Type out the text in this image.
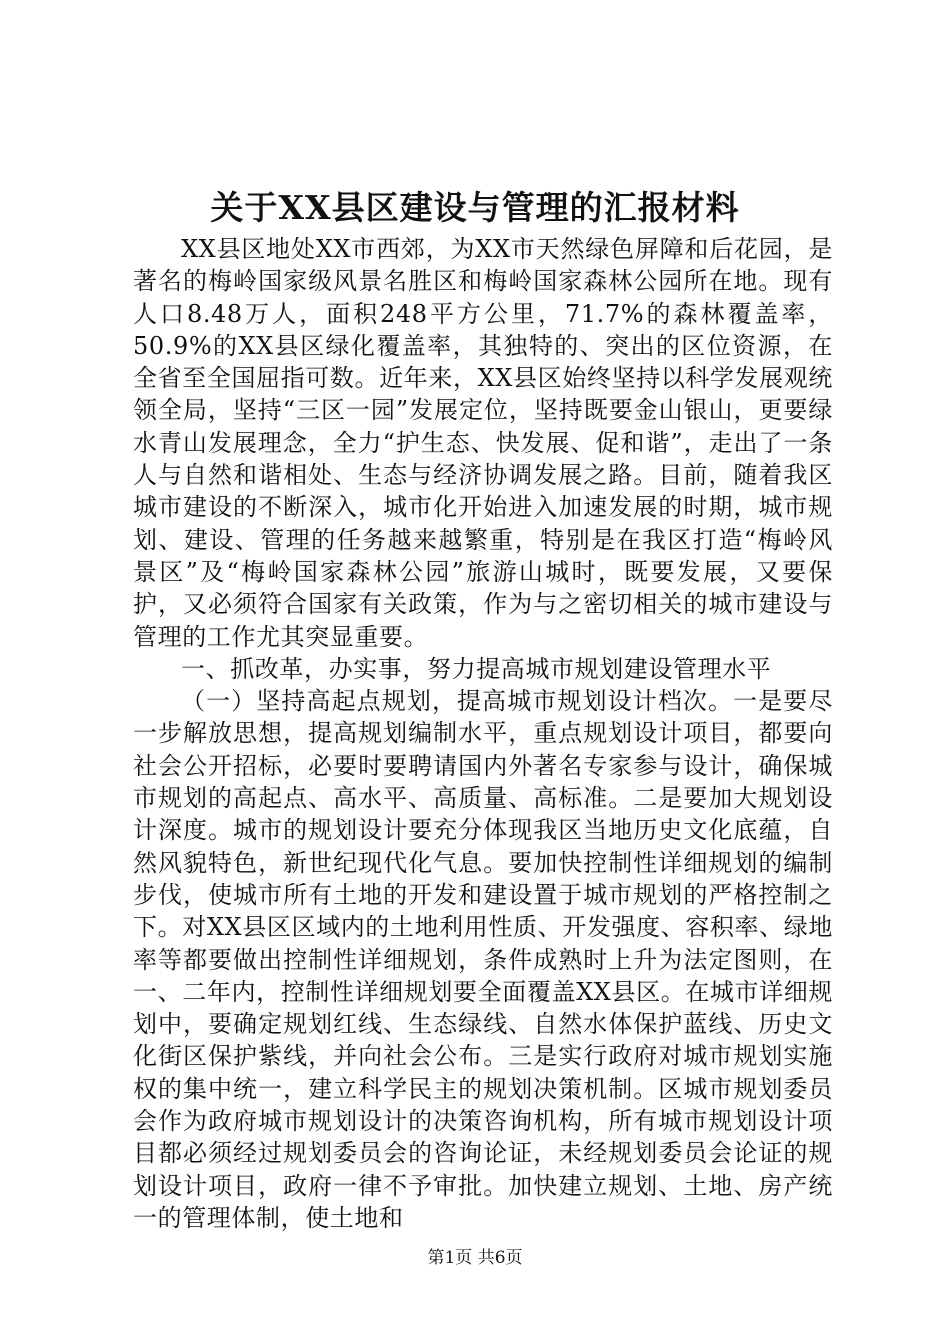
关于XX县区建设与管理的汇报材料

XX县区地处XX市西郊，为XX市天然绿色屏障和后花园，是著名的梅岭国家级风景名胜区和梅岭国家森林公园所在地。现有人口8.48万人，面积248平方公里，71.7%的森林覆盖率，50.9%的XX县区绿化覆盖率，其独特的、突出的区位资源，在全省至全国屈指可数。近年来，XX县区始终坚持以科学发展观统领全局，坚持“三区一园”发展定位，坚持既要金山银山，更要绿水青山发展理念，全力“护生态、快发展、促和谐”，走出了一条人与自然和谐相处、生态与经济协调发展之路。目前，随着我区城市建设的不断深入，城市化开始进入加速发展的时期，城市规划、建设、管理的任务越来越繁重，特别是在我区打造“梅岭风景区”及“梅岭国家森林公园”旅游山城时，既要发展，又要保护，又必须符合国家有关政策，作为与之密切相关的城市建设与管理的工作尤其突显重要。

一、抓改革，办实事，努力提高城市规划建设管理水平

（一）坚持高起点规划，提高城市规划设计档次。一是要尽一步解放思想，提高规划编制水平，重点规划设计项目，都要向社会公开招标，必要时要聘请国内外著名专家参与设计，确保城市规划的高起点、高水平、高质量、高标准。二是要加大规划设计深度。城市的规划设计要充分体现我区当地历史文化底蕴，自然风貌特色，新世纪现代化气息。要加快控制性详细规划的编制步伐，使城市所有土地的开发和建设置于城市规划的严格控制之下。对XX县区区域内的土地利用性质、开发强度、容积率、绿地率等都要做出控制性详细规划，条件成熟时上升为法定图则，在一、二年内，控制性详细规划要全面覆盖XX县区。在城市详细规划中，要确定规划红线、生态绿线、自然水体保护蓝线、历史文化街区保护紫线，并向社会公布。三是实行政府对城市规划实施权的集中统一，建立科学民主的规划决策机制。区城市规划委员会作为政府城市规划设计的决策咨询机构，所有城市规划设计项目都必须经过规划委员会的咨询论证，未经规划委员会论证的规划设计项目，政府一律不予审批。加快建立规划、土地、房产统一的管理体制，使土地和

第1页 共6页
